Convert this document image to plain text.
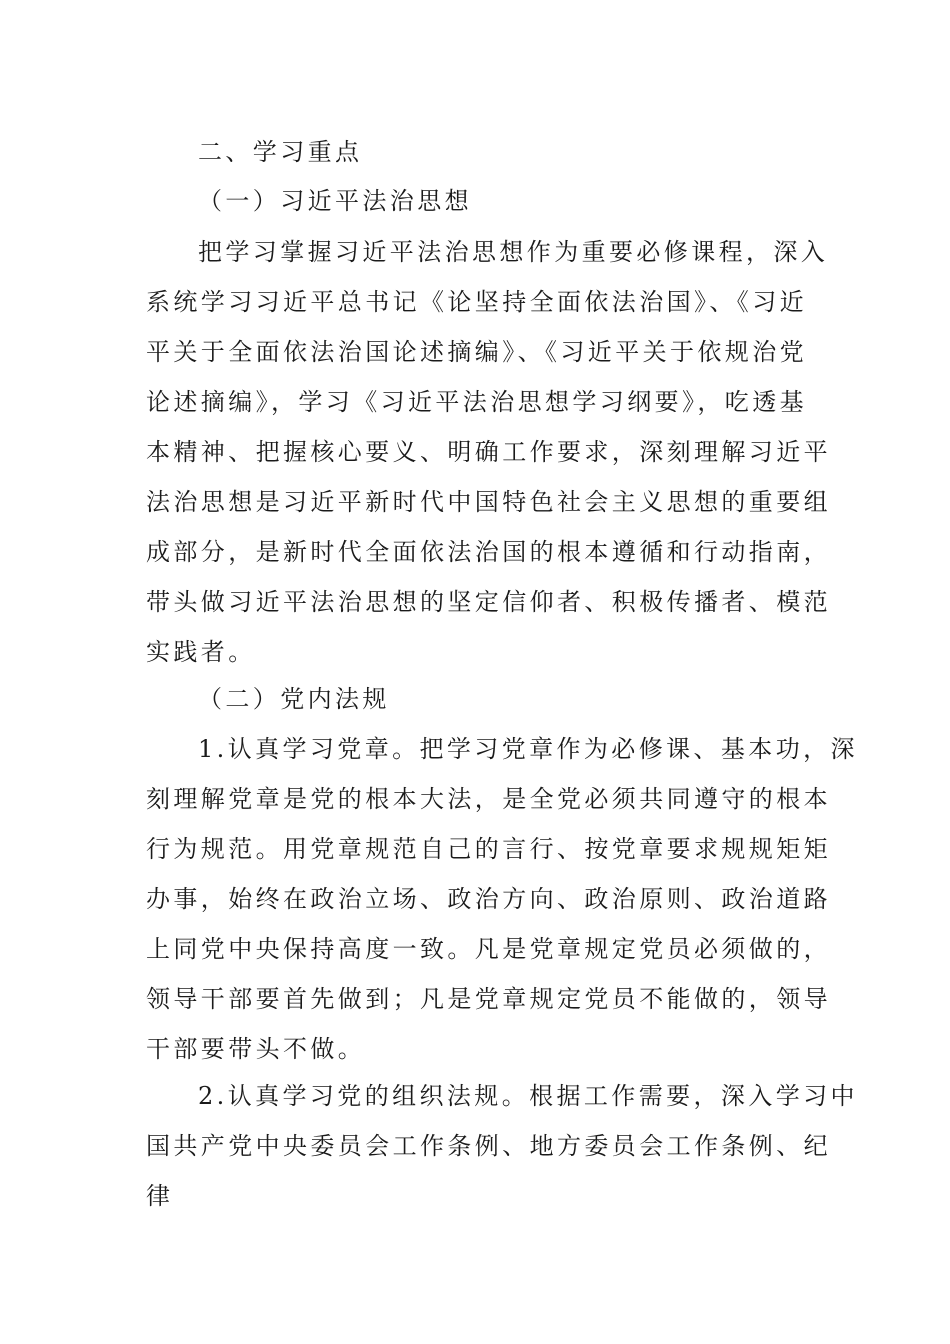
二、学习重点
（一）习近平法治思想
把学习掌握习近平法治思想作为重要必修课程，深入
系统学习习近平总书记《论坚持全面依法治国》、《习近
平关于全面依法治国论述摘编》、《习近平关于依规治党
论述摘编》，学习《习近平法治思想学习纲要》，吃透基
本精神、把握核心要义、明确工作要求，深刻理解习近平
法治思想是习近平新时代中国特色社会主义思想的重要组
成部分，是新时代全面依法治国的根本遵循和行动指南，
带头做习近平法治思想的坚定信仰者、积极传播者、模范
实践者。
（二）党内法规
1.认真学习党章。把学习党章作为必修课、基本功，深
刻理解党章是党的根本大法，是全党必须共同遵守的根本
行为规范。用党章规范自己的言行、按党章要求规规矩矩
办事，始终在政治立场、政治方向、政治原则、政治道路
上同党中央保持高度一致。凡是党章规定党员必须做的，
领导干部要首先做到；凡是党章规定党员不能做的，领导
干部要带头不做。
2.认真学习党的组织法规。根据工作需要，深入学习中
国共产党中央委员会工作条例、地方委员会工作条例、纪
律
